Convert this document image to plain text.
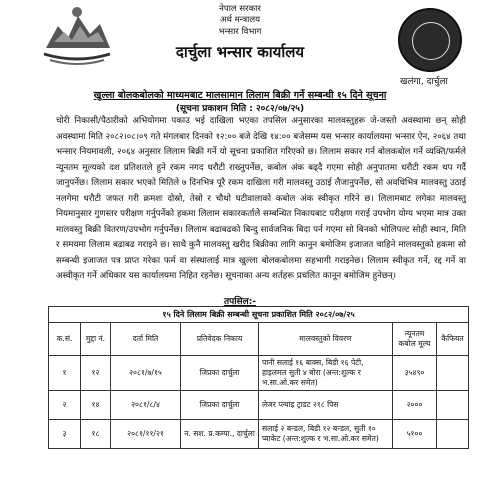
नेपाल सरकार
अर्थ मन्त्रालय
भन्सार विभाग
दार्चुला भन्सार कार्यालय
खलंगा, दार्चुला
खुल्ला बोलकबोलको माध्यमबाट मालसामान लिलाम बिक्री गर्ने सम्बन्धी १५ दिने सूचना
(सूचना प्रकाशन मिति : २०८२/०७/२५)
चोरी निकासी/पैठारीको अभियोगमा पकाउ भई दाखिला भएका तपसिल अनुसारका मालवस्तुहरू जे-जस्तो अवस्थामा छन् सोही अवस्थामा मिति २०८२।०८।०९ गते मंगलबार दिनको १२:०० बजे देखि १४:०० बजेसम्म यस भन्सार कार्यालयमा भन्सार ऐन, २०६४ तथा भन्सार नियमावली, २०६४ अनुसार लिलाम बिक्री गर्ने यो सूचना प्रकाशित गरिएको छ। लिलाम सकार गर्न बोलकबोल गर्ने व्यक्ति/फर्मले न्यूनतम मूल्यको दश प्रतिशतले हुने रकम नगद धरौटी राख्नुपर्नेछ, कबोल अंक बढ्दै गएमा सोही अनुपातमा धरौटी रकम थप गर्दै जानुपर्नेछ। लिलाम सकार भएको मितिले ७ दिनभित्र पूरै रकम दाखिला गरी मालवस्तु उठाई लैजानुपर्नेछ, सो अवधिभित्र मालवस्तु उठाई नलगेमा धरौटी जफत गरी क्रमशः दोस्रो, तेस्रो र चौथो घटीवालाको कबोल अंक स्वीकृत गरिने छ। लिलामबाट लगेका मालवस्तु नियमानुसार गुणस्तर परीक्षण गर्नुपर्नेको हकमा लिलाम सकारकर्तालेे सम्बन्धित निकायबाट परीक्षण गराई उपभोग योग्य भएमा मात्र उक्त मालवस्तु बिक्री वितरण/उपभोग गर्नुपर्नेछ। लिलाम बढाबढको बिन्दु सार्वजनिक बिदा पर्न गएमा सो बिनको भोलिपल्ट सोही स्थान, मिति र समयमा लिलाम बढाबढ गराइने छ। साथै कुनै मालवस्तु खरीद बिक्रीका लागि कानुन बमोजिम इजाजत चाहिने मालवस्तुको हकमा सो सम्बन्धी इजाजत पत्र प्राप्त गरेका फर्म वा संस्थालाई मात्र खुल्ला बोलकबोलमा सहभागी गराइनेछ। लिलाम स्वीकृत गर्ने, रद्द गर्ने वा अस्वीकृत गर्ने अधिकार यस कार्यालयमा निहित रहनेछ। सूचनाका अन्य शर्तहरू प्रचलित कानून बमोजिम हुनेछन्।
तपसिल:-
१५ दिने लिलाम बिक्री सम्बन्धी सूचना प्रकाशित मिति २०८२/०७/२५						
क.सं.	मुद्दा नं.	दर्ता मिति	प्रतिवेदक निकाय	मालवस्तुको विवरण	न्यूनतम कबोल मूल्य	कैफियत
१	१२	२०८१/७/१५	जिप्रका दार्चुला	पानी सलाई १६ बाक्स, बिडी १६ पेटी, हाइलमल सुती ४ बोरा (अन्त:शुल्क र भ.सा.ओ.कर समेत)	३५४९०	
२	१४	२०८१/८/४	जिप्रका दार्चुला	लेजर प्ल्याइ ट्राडट २१८ पिस	२०००	
३	१८	२०८१/११/२१	न. सश. प्र.कम्पा., दार्चुला	सलाई २ बन्डल, बिडी १२ बन्डल, सुती १० प्याकेट (अन्त:शुल्क र भ.सा.ओ.कर समेत)	५१००	
